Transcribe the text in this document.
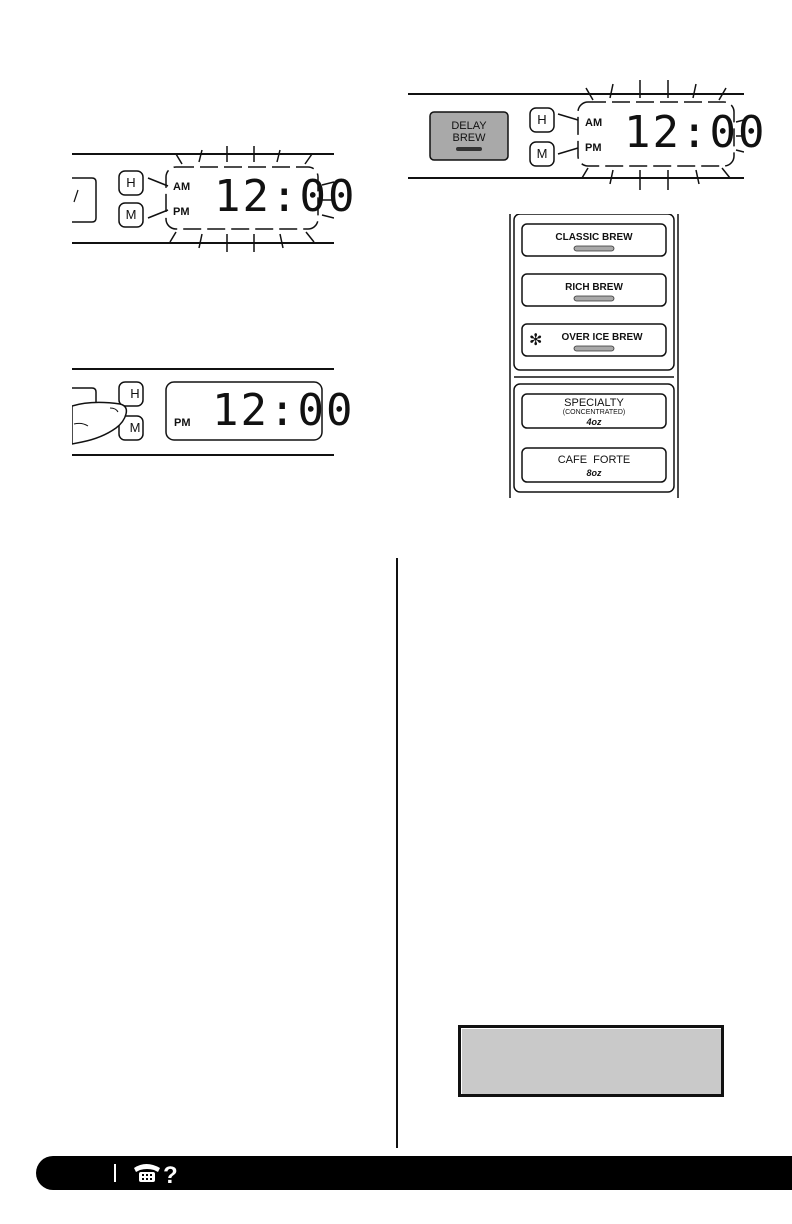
H
M
AM
PM 12:00
DELAY
BREW
H
M
AM
PM 12:00
CLASSIC BREW
RICH BREW
✻	OVER ICE BREW
SPECIALTY
(CONCENTRATED)
4oz
CAFE  FORTE
8oz
H
M	PM 12:00
?
